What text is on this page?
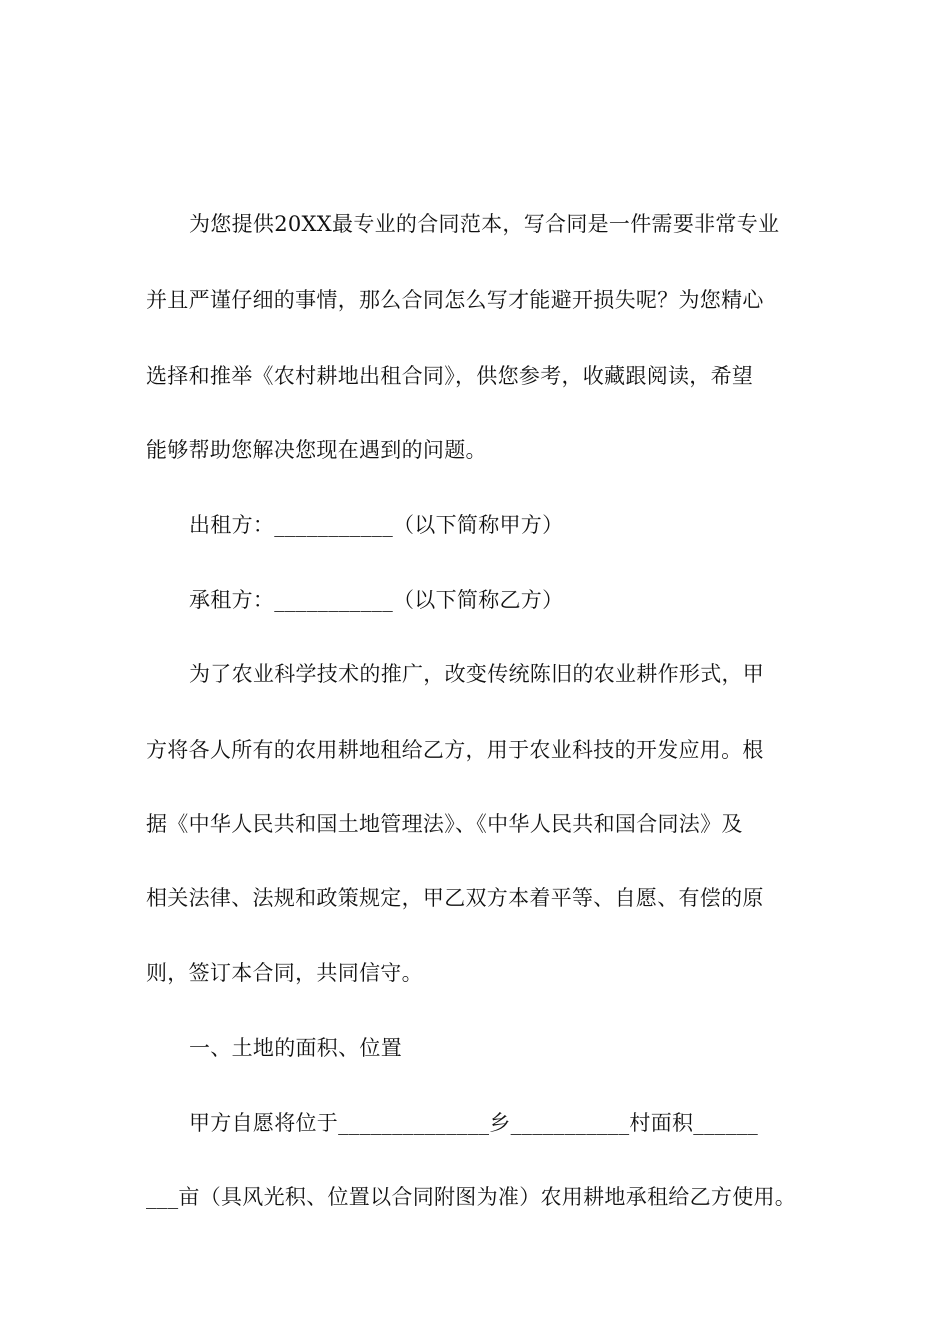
为您提供20XX最专业的合同范本，写合同是一件需要非常专业
并且严谨仔细的事情，那么合同怎么写才能避开损失呢？为您精心
选择和推举《农村耕地出租合同》，供您参考，收藏跟阅读，希望
能够帮助您解决您现在遇到的问题。
出租方：___________（以下简称甲方）
承租方：___________（以下简称乙方）
为了农业科学技术的推广，改变传统陈旧的农业耕作形式，甲
方将各人所有的农用耕地租给乙方，用于农业科技的开发应用。根
据《中华人民共和国土地管理法》、《中华人民共和国合同法》及
相关法律、法规和政策规定，甲乙双方本着平等、自愿、有偿的原
则，签订本合同，共同信守。
一、土地的面积、位置
甲方自愿将位于______________乡___________村面积______
___亩（具风光积、位置以合同附图为准）农用耕地承租给乙方使用。
